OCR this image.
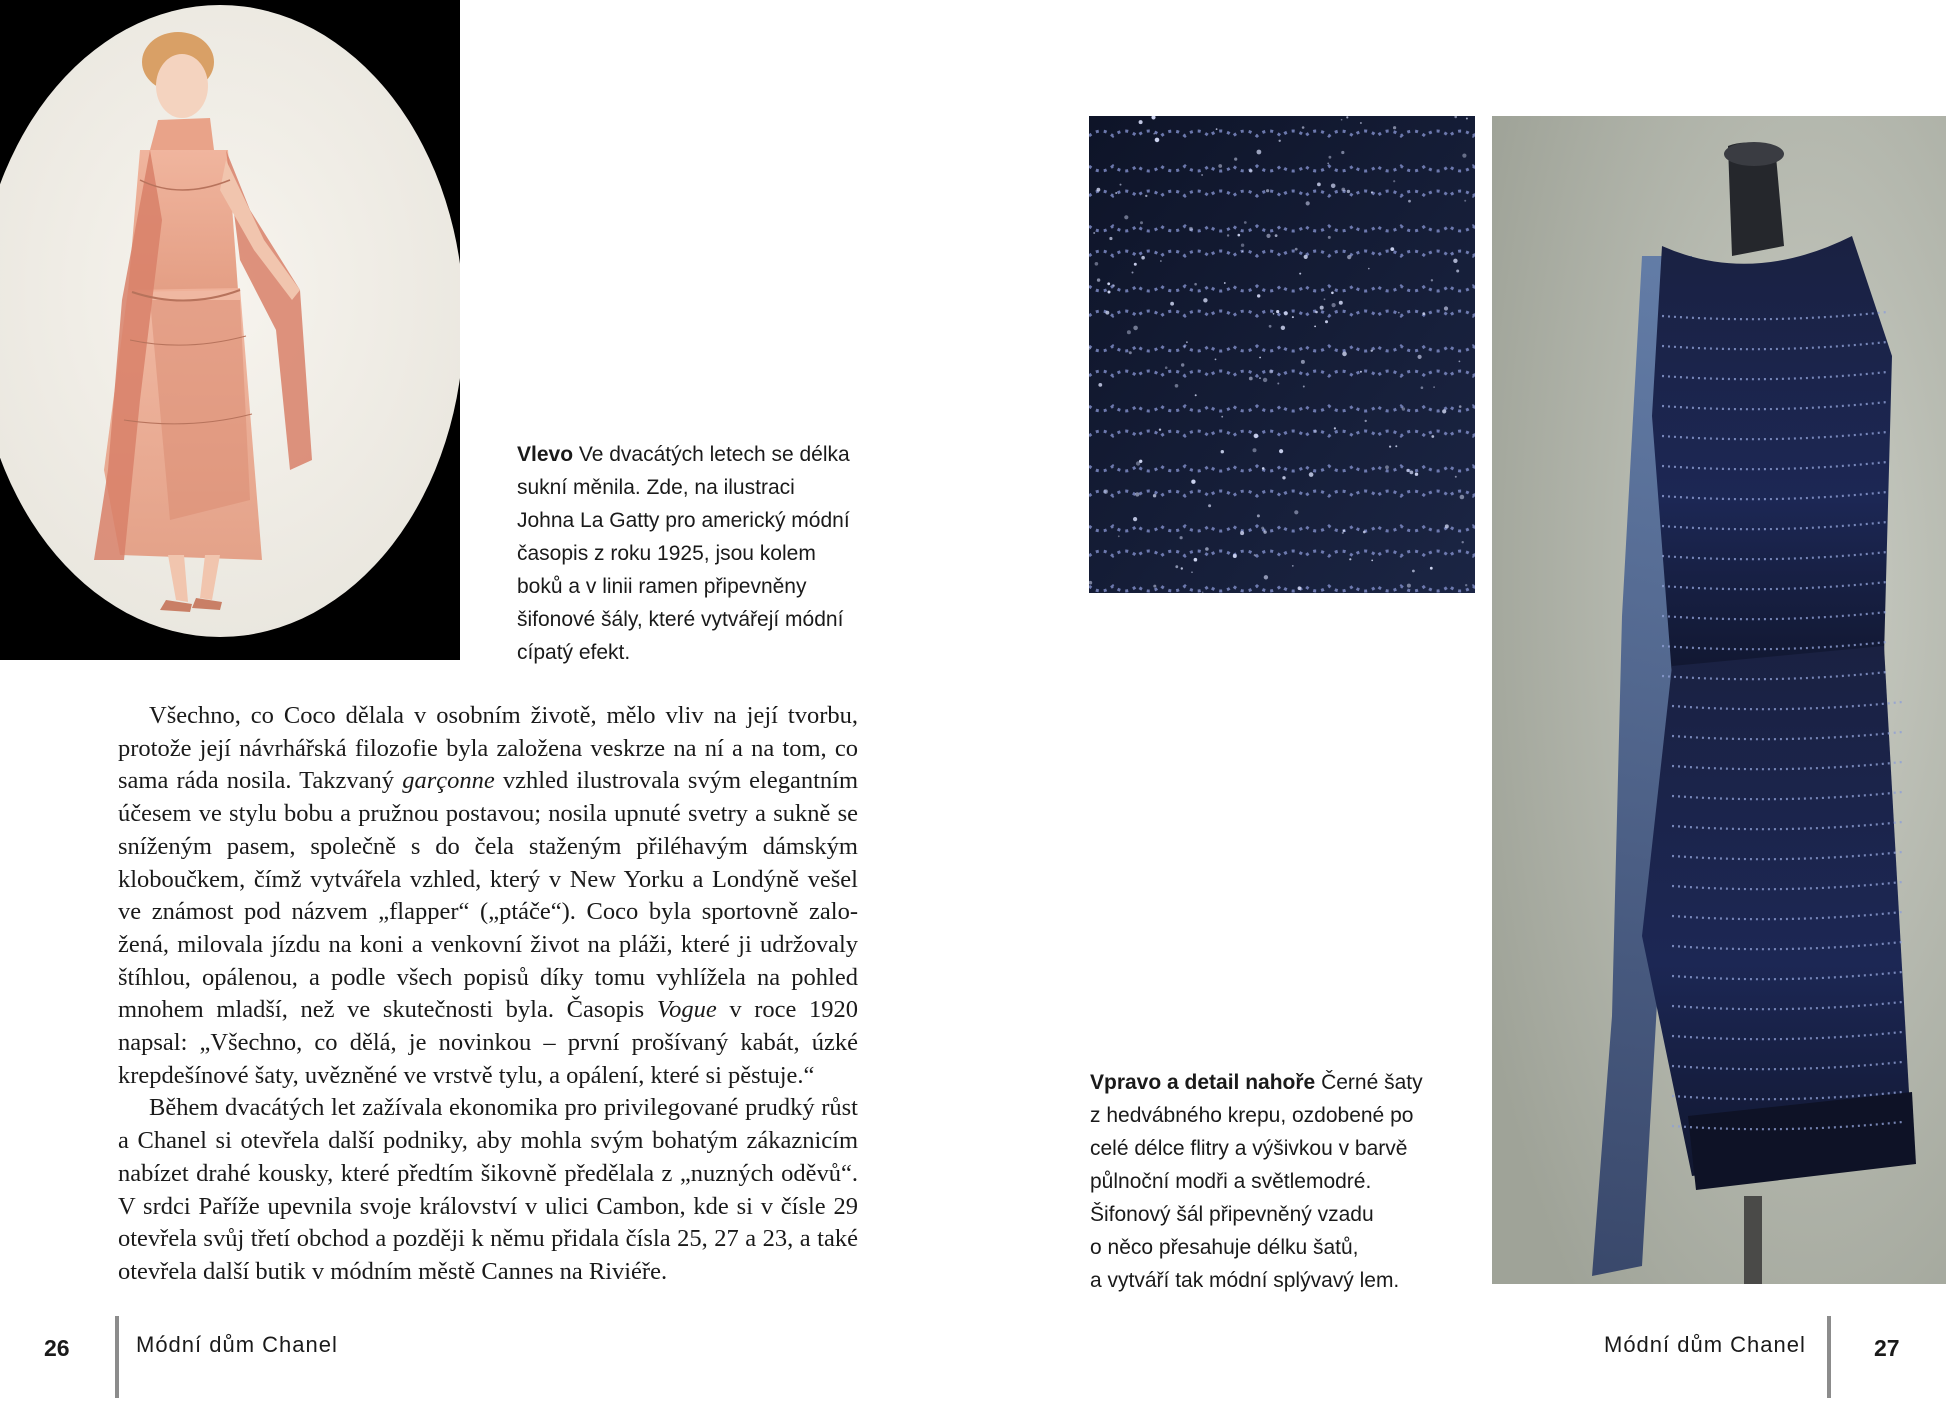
Vlevo Ve dvacátých letech se délka
sukní měnila. Zde, na ilustraci
Johna La Gatty pro americký módní
časopis z roku 1925, jsou kolem
boků a v linii ramen připevněny
šifonové šály, které vytvářejí módní
cípatý efekt.

Všechno, co Coco dělala v osobním životě, mělo vliv na její tvorbu, protože její návrhářská filozofie byla založena veskrze na ní a na tom, co sama ráda nosila. Takzvaný garçonne vzhled ilustrovala svým elegantním účesem ve stylu bobu a pružnou postavou; nosila upnuté svetry a sukně se sníženým pasem, společně s do čela staženým přiléhavým dámským kloboučkem, čímž vytvářela vzhled, který v New Yorku a Londýně vešel ve známost pod názvem „flapper“ („ptáče“). Coco byla sportovně založená, milovala jízdu na koni a venkovní život na pláži, které ji udržovaly štíhlou, opálenou, a podle všech popisů díky tomu vyhlížela na pohled mnohem mladší, než ve skutečnosti byla. Časopis Vogue v roce 1920 napsal: „Všechno, co dělá, je novinkou – první prošívaný kabát, úzké krepdešínové šaty, uvězněné ve vrstvě tylu, a opálení, které si pěstuje.“

Během dvacátých let zažívala ekonomika pro privilegované prudký růst a Chanel si otevřela další podniky, aby mohla svým bohatým zákaznicím nabízet drahé kousky, které předtím šikovně předělala z „nuzných oděvů“. V srdci Paříže upevnila svoje království v ulici Cambon, kde si v čísle 29 otevřela svůj třetí obchod a později k němu přidala čísla 25, 27 a 23, a také otevřela další butik v módním městě Cannes na Riviéře.

26	Módní dům Chanel
Vpravo a detail nahoře Černé šaty
z hedvábného krepu, ozdobené po
celé délce flitry a výšivkou v barvě
půlnoční modři a světlemodré.
Šifonový šál připevněný vzadu
o něco přesahuje délku šatů,
a vytváří tak módní splývavý lem.
Módní dům Chanel	27
